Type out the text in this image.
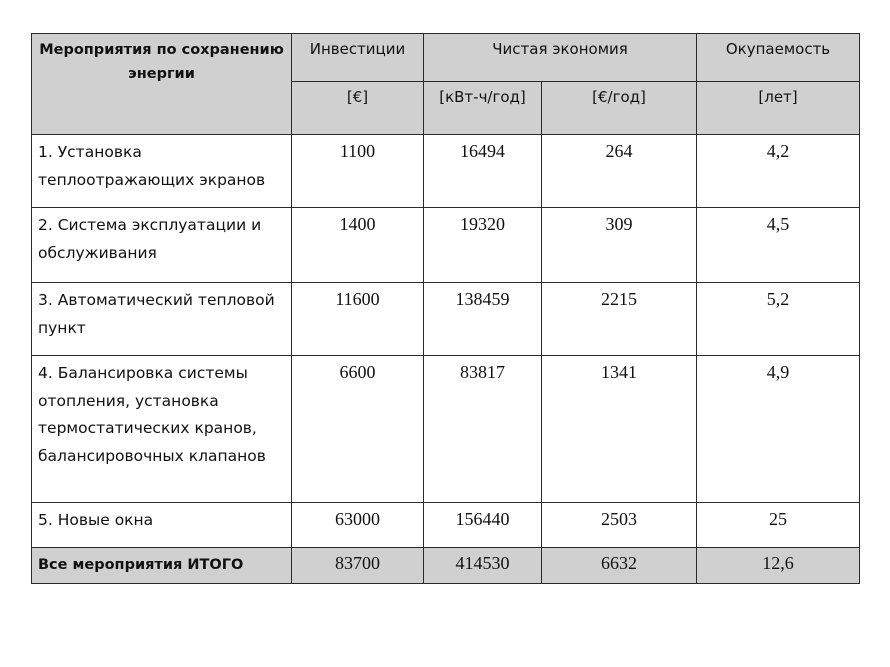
Мероприятия по сохранению энергии	Инвестиции	Чистая экономия		Окупаемость
	[€]	[кВт-ч/год]	[€/год]	[лет]
1. Установка теплоотражающих экранов	1100	16494	264	4,2
2. Система эксплуатации и обслуживания	1400	19320	309	4,5
3. Автоматический тепловой пункт	11600	138459	2215	5,2
4. Балансировка системы отопления, установка термостатических кранов, балансировочных клапанов	6600	83817	1341	4,9
5. Новые окна	63000	156440	2503	25
Все мероприятия ИТОГО	83700	414530	6632	12,6
